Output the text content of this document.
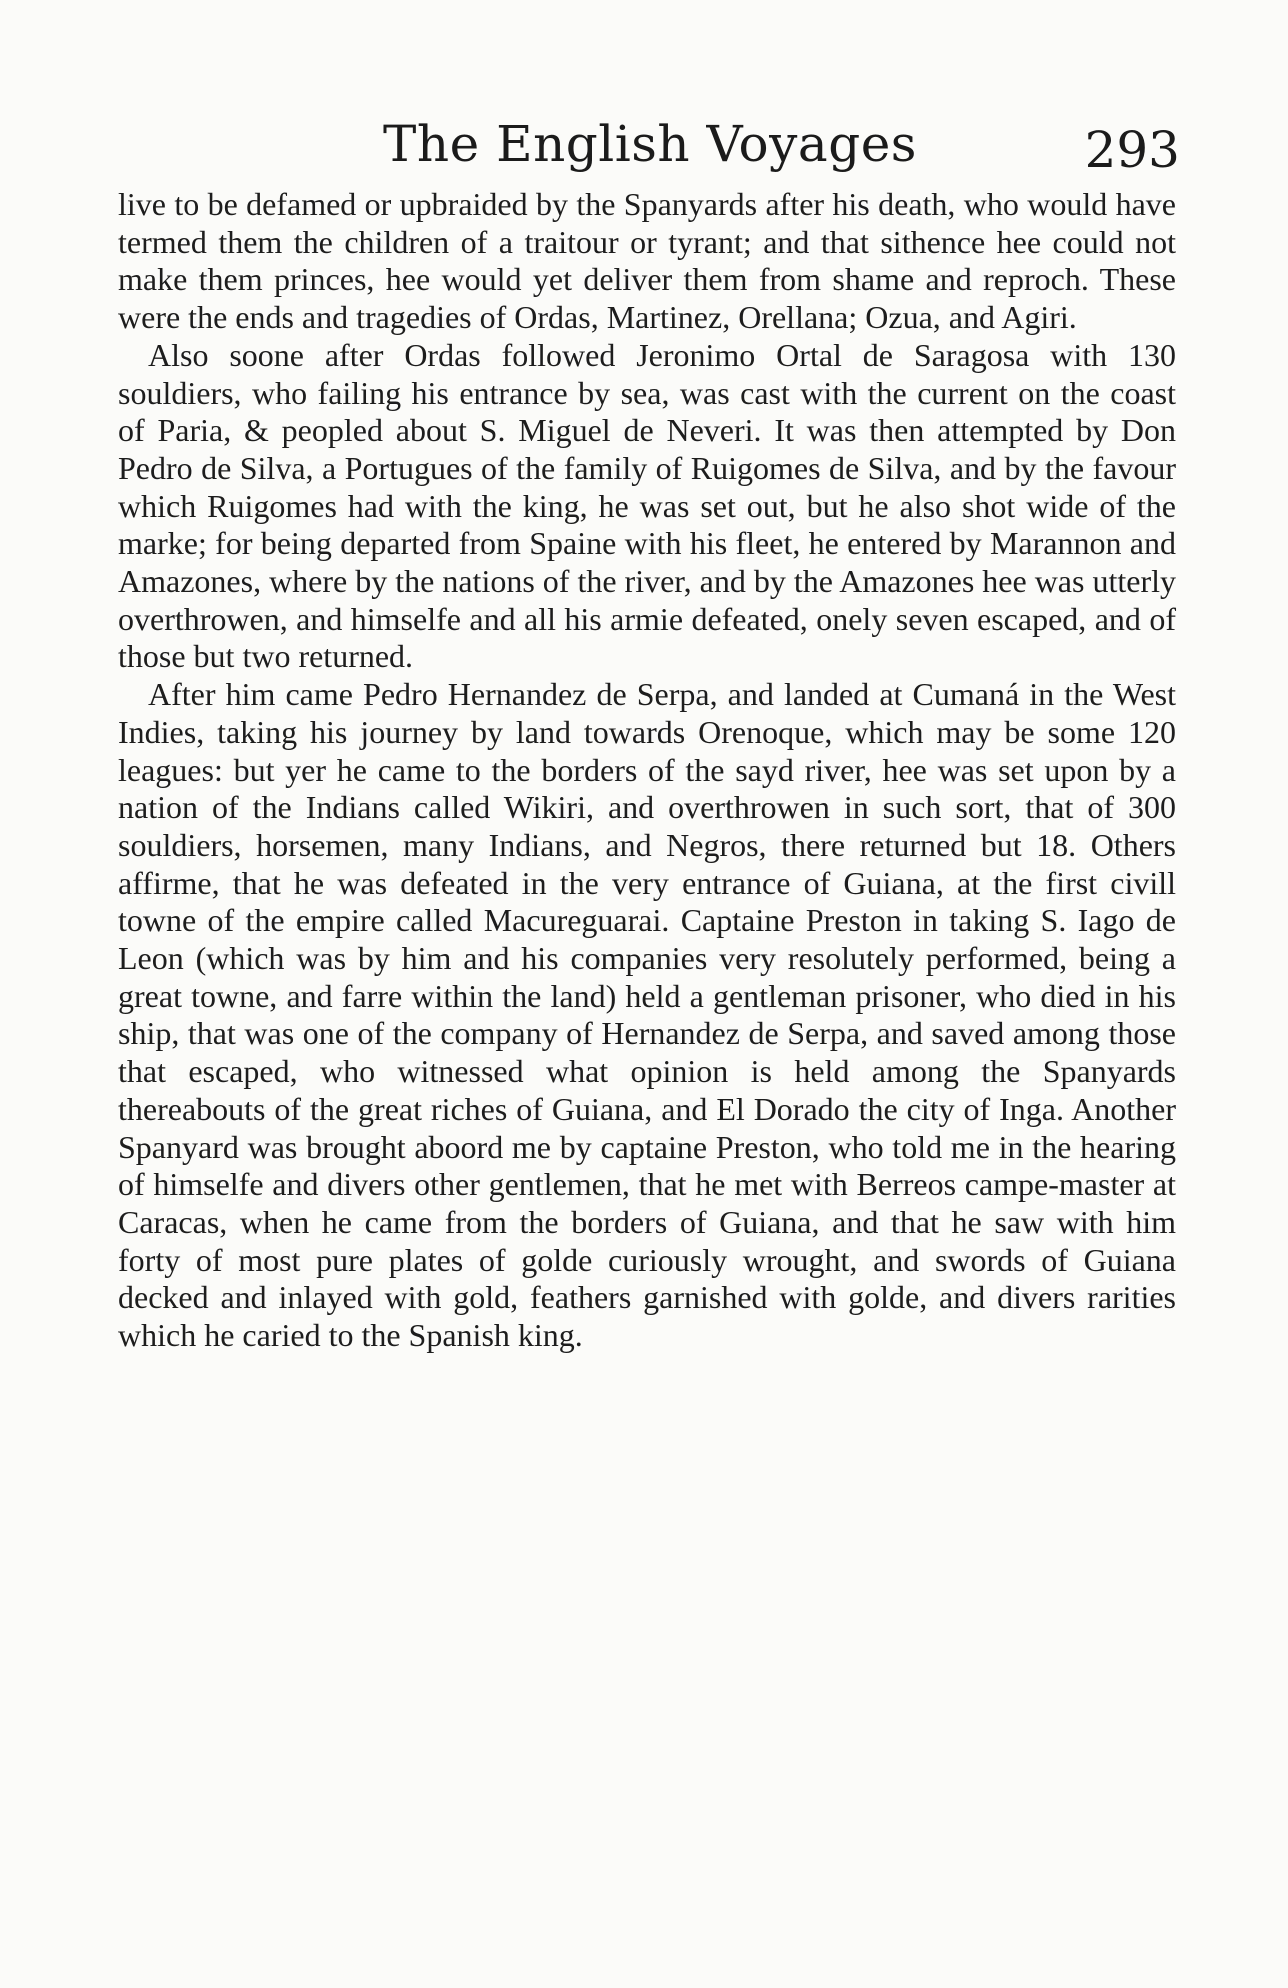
The English Voyages	293

live to be defamed or upbraided by the Spanyards after his death, who would have termed them the children of a traitour or tyrant; and that sithence hee could not make them princes, hee would yet deliver them from shame and reproch. These were the ends and tragedies of Ordas, Martinez, Orellana; Ozua, and Agiri.

Also soone after Ordas followed Jeronimo Ortal de Saragosa with 130 souldiers, who failing his entrance by sea, was cast with the current on the coast of Paria, & peopled about S. Miguel de Neveri. It was then attempted by Don Pedro de Silva, a Portugues of the family of Ruigomes de Silva, and by the favour which Ruigomes had with the king, he was set out, but he also shot wide of the marke; for being departed from Spaine with his fleet, he entered by Marannon and Amazones, where by the nations of the river, and by the Amazones hee was utterly overthrowen, and himselfe and all his armie defeated, onely seven escaped, and of those but two returned.

After him came Pedro Hernandez de Serpa, and landed at Cumaná in the West Indies, taking his journey by land towards Orenoque, which may be some 120 leagues: but yer he came to the borders of the sayd river, hee was set upon by a nation of the Indians called Wikiri, and overthrowen in such sort, that of 300 souldiers, horsemen, many Indians, and Negros, there returned but 18. Others affirme, that he was defeated in the very entrance of Guiana, at the first civill towne of the empire called Macureguarai. Captaine Preston in taking S. Iago de Leon (which was by him and his companies very resolutely performed, being a great towne, and farre within the land) held a gentleman prisoner, who died in his ship, that was one of the company of Hernandez de Serpa, and saved among those that escaped, who witnessed what opinion is held among the Spanyards thereabouts of the great riches of Guiana, and El Dorado the city of Inga. Another Spanyard was brought aboord me by captaine Preston, who told me in the hearing of himselfe and divers other gentlemen, that he met with Berreos campe-master at Caracas, when he came from the borders of Guiana, and that he saw with him forty of most pure plates of golde curiously wrought, and swords of Guiana decked and inlayed with gold, feathers garnished with golde, and divers rarities which he caried to the Spanish king.
